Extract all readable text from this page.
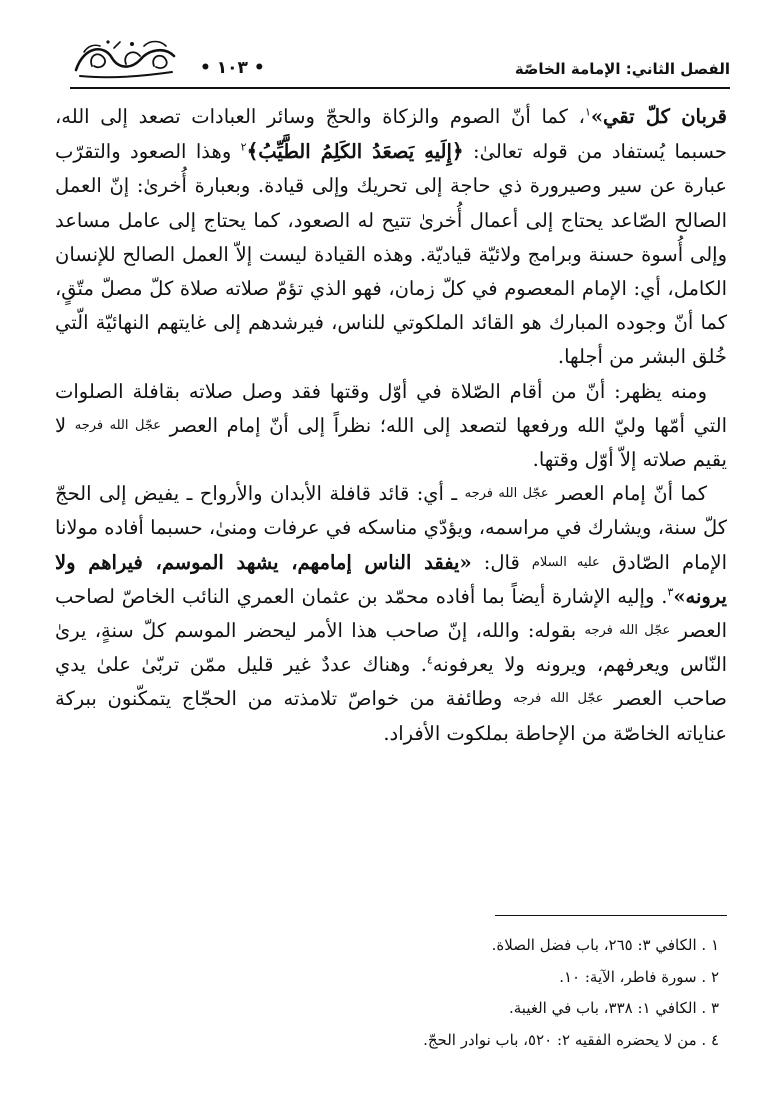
الفصل الثاني: الإمامة الخاصّة
• ١٠٣ •

قربان كلّ تقي»$^١$، كما أنّ الصوم والزكاة والحجّ وسائر العبادات تصعد إلى الله، حسبما يُستفاد من قوله تعالىٰ: ﴿إِلَيهِ يَصعَدُ الكَلِمُ الطَّيِّبُ﴾$^٢$ وهذا الصعود والتقرّب عبارة عن سير وصيرورة ذي حاجة إلى تحريك وإلى قيادة. وبعبارة أُخرىٰ: إنّ العمل الصالح الصّاعد يحتاج إلى أعمال أُخرىٰ تتيح له الصعود، كما يحتاج إلى عامل مساعد وإلى أُسوة حسنة وبرامج ولائيّة قياديّة. وهذه القيادة ليست إلاّ العمل الصالح للإنسان الكامل، أي: الإمام المعصوم في كلّ زمان، فهو الذي تؤمّ صلاته صلاة كلّ مصلّ متّقٍ، كما أنّ وجوده المبارك هو القائد الملكوتي للناس، فيرشدهم إلى غايتهم النهائيّة الّتي خُلق البشر من أجلها.

ومنه يظهر: أنّ من أقام الصّلاة في أوّل وقتها فقد وصل صلاته بقافلة الصلوات التي أمّها وليّ الله ورفعها لتصعد إلى الله؛ نظراً إلى أنّ إمام العصر عجّل الله فرجه لا يقيم صلاته إلاّ أوّل وقتها.

كما أنّ إمام العصر عجّل الله فرجه ـ أي: قائد قافلة الأبدان والأرواح ـ يفيض إلى الحجّ كلّ سنة، ويشارك في مراسمه، ويؤدّي مناسكه في عرفات ومنىٰ، حسبما أفاده مولانا الإمام الصّادق عليه السلام قال: «يفقد الناس إمامهم، يشهد الموسم، فيراهم ولا يرونه»$^٣$. وإليه الإشارة أيضاً بما أفاده محمّد بن عثمان العمري النائب الخاصّ لصاحب العصر عجّل الله فرجه بقوله: والله، إنّ صاحب هذا الأمر ليحضر الموسم كلّ سنةٍ، يرىٰ النّاس ويعرفهم، ويرونه ولا يعرفونه$^٤$. وهناك عددٌ غير قليل ممّن تربّىٰ علىٰ يدي صاحب العصر عجّل الله فرجه وطائفة من خواصّ تلامذته من الحجّاج يتمكّنون ببركة عناياته الخاصّة من الإحاطة بملكوت الأفراد.

١ . الكافي ٣: ٢٦٥، باب فضل الصلاة.

٢ . سورة فاطر، الآية: ١٠.

٣ . الكافي ١: ٣٣٨، باب في الغيبة.

٤ . من لا يحضره الفقيه ٢: ٥٢٠، باب نوادر الحجّ.
